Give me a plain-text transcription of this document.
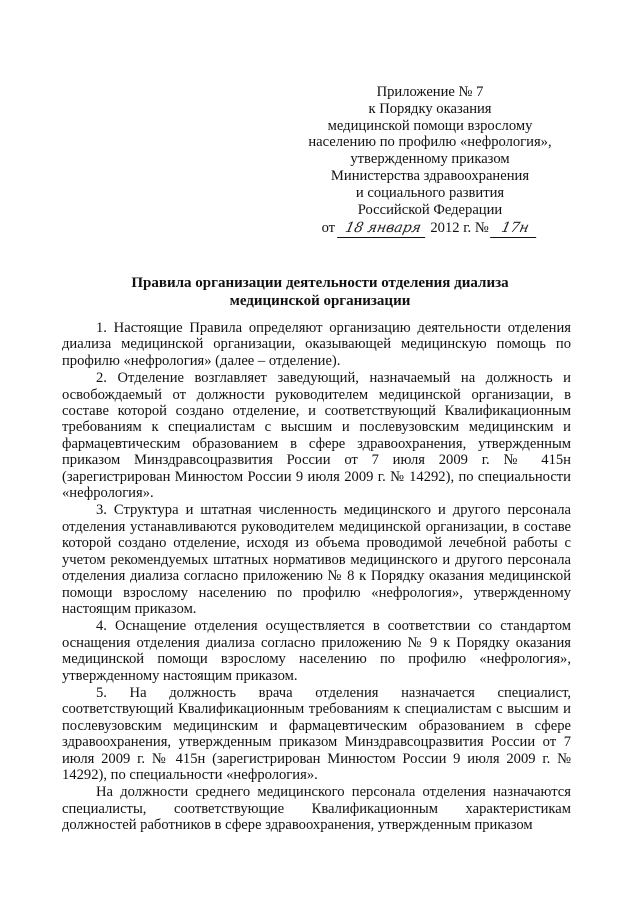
Приложение № 7
к Порядку оказания
медицинской помощи взрослому
населению по профилю «нефрология»,
утвержденному приказом
Министерства здравоохранения
и социального развития
Российской Федерации
от 18 января 2012 г. № 17н
Правила организации деятельности отделения диализа
медицинской организации

1. Настоящие Правила определяют организацию деятельности отделения диализа медицинской организации, оказывающей медицинскую помощь по профилю «нефрология» (далее – отделение).

2. Отделение возглавляет заведующий, назначаемый на должность и освобождаемый от должности руководителем медицинской организации, в составе которой создано отделение, и соответствующий Квалификационным требованиям к специалистам с высшим и послевузовским медицинским и фармацевтическим образованием в сфере здравоохранения, утвержденным приказом Минздравсоцразвития России от 7 июля 2009 г. № 415н (зарегистрирован Минюстом России 9 июля 2009 г. № 14292), по специальности «нефрология».

3. Структура и штатная численность медицинского и другого персонала отделения устанавливаются руководителем медицинской организации, в составе которой создано отделение, исходя из объема проводимой лечебной работы с учетом рекомендуемых штатных нормативов медицинского и другого персонала отделения диализа согласно приложению № 8 к Порядку оказания медицинской помощи взрослому населению по профилю «нефрология», утвержденному настоящим приказом.

4. Оснащение отделения осуществляется в соответствии со стандартом оснащения отделения диализа согласно приложению № 9 к Порядку оказания медицинской помощи взрослому населению по профилю «нефрология», утвержденному настоящим приказом.

5. На должность врача отделения назначается специалист, соответствующий Квалификационным требованиям к специалистам с высшим и послевузовским медицинским и фармацевтическим образованием в сфере здравоохранения, утвержденным приказом Минздравсоцразвития России от 7 июля 2009 г. № 415н (зарегистрирован Минюстом России 9 июля 2009 г. № 14292), по специальности «нефрология».

На должности среднего медицинского персонала отделения назначаются специалисты, соответствующие Квалификационным характеристикам должностей работников в сфере здравоохранения, утвержденным приказом
